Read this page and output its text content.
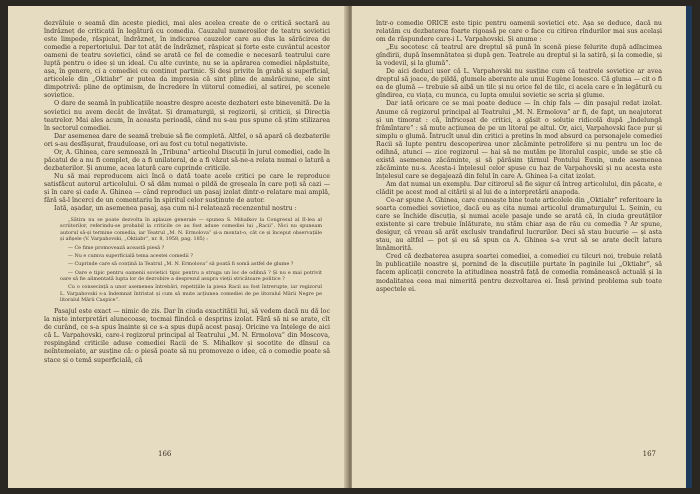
dezvăluie o seamă din aceste piedici, mai ales acelea create de o critică sectară au îndrăzneț de criticată în legătură cu comedia. Cauzalul numeroșilor de teatru sovietici este limpede, răspicat, îndrăzneț, în indicarea cauzelor care au dus la sărăcirea de comedie a repertoriului. Dar tot atât de îndrăzneț, răspicat și forte este cuvântul acestor oameni de teatru sovietici, când se arată ce fel de comedie e necesară teatrului care luptă pentru o idee și un ideal. Cu alte cuvinte, nu se ia apărarea comediei năpăstuite, așa, în genere, ci a comediei cu conținut partinic. Și deși privite în grabă și superficial, articolele din „Oktiabr” ar putea da impresia că sint pline de amărăciune, ele sint dimpotrivă: pline de optimism, de încredere în viitorul comediei, al satirei, pe scenele sovietice.

O dare de seamă în publicațiile noastre despre aceste dezbateri este binevenită. De la sovietici nu avem decât de învățat. Și dramaturgii, și regizorii, și criticii, și Direcția teatrelor. Mai ales acum, în aceasta perioadă, când nu s-au pus spune că știm stilizarea în sectorul comediei.

Dar asemenea dare de seamă trebuie să fie completă. Altfel, o să apară că dezbaterile ori s-au desfășurat, frauduloase, ori au fost cu totul negativiste.

Or, A. Ghinea, care semnează în „Tribuna” articolul Discuții în jurul comediei, cade în păcatul de a nu fi complet, de a fi unilateral, de a fi văzut să-ne-a relata numai o latură a dezbaterilor. Și anume, acea latură care cuprinde criticile.

Nu să mai reproducem aici încă o dată toate acele critici pe care le reproduce satisfăcut autorul articolului. O să dăm numai o pildă de greșeala în care poți să cazi — și în care și cade A. Ghinea — când reproduci un pasaj izolat dintr-o relatare mai amplă, fără să-l încerci de un comentariu în spiritul celor susținute de autor.

Iată, așadar, un asemenea pasaj, așa cum ni-l relatează recenzentul nostru :

„Sătira nu se poate dezvolta în aplauze generale — spunea S. Mihalkov la Congresul al II-lea al scriitorilor, referindu-se probabil la criticile ce au fost aduse comediei lui „Racii”. Nici nu spuneam autorul să-și termine comedia, iar Teatrul „M. N. Ermolova” și-a montat-o, cât ce și început observațiile și afișele (V. Varpahovski, „Oktiabr”, nr. 8, 1958, pag. 185) :

— Ce fime promovează această piesă ?

— Nu e cumva superficială tema acestei comedii ?

— Cuprinde care să conțină la Teatrul „M. N. Ermolova” să poată fi somă astfel de glume ?

— Oare e tipic pentru oamenii sovietici tipic pentru a struga un loc de odihnă ? Și nu e mai potrivit oare să fie alimentată lupta lor de dezrobire a desprezul asupra vieții stricătoare politice ?

Cu o consecință a unor asemenea întrebări, repetițiile la piesa Racii au fost întrerupte, iar regizorul L. Varpahovski s-a îndemnat întristat și cum să mute acțiunea comediei de pe litoralul Mării Negre pe litoralul Mării Caspice”.

Pasajul este exact — nimic de zis. Dar în ciuda exactității lui, să vedem dacă nu dă loc la niște interpretări alunecoase, tocmai fiindcă e desprins izolat. Fără să ni se arate, cît de curând, ce s-a spus înainte și ce s-a spus după acest pasaj. Oricine va înțelege de aici că L. Varpahovski, care-i regizorul principal al Teatrului „M. N. Ermolova” din Moscova, respingând criticile aduse comediei Racii de S. Mihalkov și socotite de dînsul ca neîntemeiate, ar susține că: o piesă poate să nu promoveze o idee, că o comedie poate să stace și o temă superficială, că

166

într-o comedie ORICE este tipic pentru oamenii sovietici etc. Așa se deduce, dacă nu relatăm cu dezbaterea foarte rigoasă pe care o face cu citirea rîndurilor mai sus același om de răspundere care-i L. Varpahovski. Și anume :

„Eu socotesc că teatrul are dreptul să pună în scenă piese felurite după adîncimea gîndirii, după însemnătatea și după gen. Teatrele au dreptul și la satiră, și la comedie, și la vodevil, și la glumă”.

De aici deduci usor că L. Varpahovski nu susține cum că teatrele sovietice ar avea dreptul să joace, de pildă, glumele aberante ale unui Eugène Ionesco. Că gluma — cit o fi ea de glumă — trebuie să aibă un tilc și nu orice fel de tilc, ci acela care e în legătură cu gîndirea, cu viața, cu munca, cu lupta omului sovietic se scria și glume.

Dar iată oricare ce se mai poate deduce — în chip fals — din pasajul redat izolat. Anume că regizorul principal al Teatrului „M. N. Ermolova” ar fi, de fapt, un neajutorat și un timorat : că, înfricoșat de critici, a găsit o soluție ridicolă după „îndelungă frămîntare” : să mute acțiunea de pe un litoral pe altul. Or, aici, Varpahovski face pur și simplu o glumă. Întrucît unul din critici a pretins în mod absurd ca personajele comediei Racii să lupte pentru descoperirea unor zăcăminte petrolifere și nu pentru un loc de odihnă, atunci — zice regizorul — hai să ne mutăm pe litoralul caspic, unde se știe că există asemenea zăcăminte, și să părăsim țărmul Pontului Euxin, unde asemenea zăcăminte nu-s. Acesta-i înțelesul celor spuse cu haz de Varpahovski și nu acesta este înțelesul care se degajează din felul în care A. Ghinea l-a citat izolat.

Am dat numai un exemplu. Dar citirorul să fie sigur că întreg articolului, din păcate, e clădit pe acest mod al citării și al lui de a interpretării anapoda.

Ce-ar spune A. Ghinea, care cunoaște bine toate articolele din „Oktiabr” referitoare la soarta comediei sovietice, dacă eu aș cita numai articolul dramaturgului L. Șeinin, cu care se închide discuția, și numai acele pasaje unde se arată că, în ciuda greutăților existente și care trebuie înlăturate, nu stăm chiar așa de rău cu comedia ? Ar spune, desigur, că vreau să arăt exclusiv trandafirul lucrurilor. Deci să stau bucurie — și asta stau, au altfel — pot și eu să spun ca A. Ghinea s-a vrut să se arate decît latura înnămorită.

Cred că dezbaterea asupra soartei comediei, a comediei cu tilcuri noi, trebuie relată în publicațiile noastre și, pornind de la discuțiile purtate în paginile lui „Oktiabr”, să facem aplicații concrete la atitudinea noastră față de comedia românească actuală și la modalitatea ceea mai nimerită pentru dezvoltarea ei. Însă privind problema sub toate aspectele ei.

167
